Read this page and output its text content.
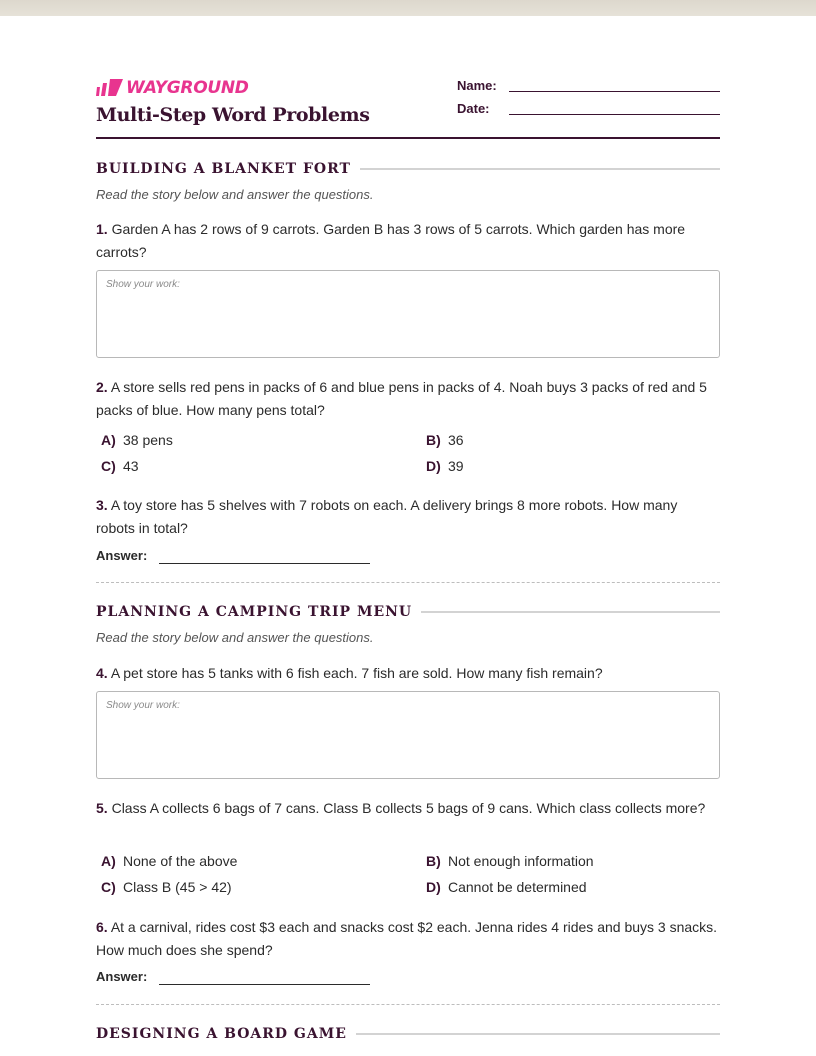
WAYGROUND
Multi-Step Word Problems
Name:
Date:
BUILDING A BLANKET FORT
Read the story below and answer the questions.
1. Garden A has 2 rows of 9 carrots. Garden B has 3 rows of 5 carrots. Which garden has more carrots?
Show your work:
2. A store sells red pens in packs of 6 and blue pens in packs of 4. Noah buys 3 packs of red and 5 packs of blue. How many pens total?
A) 38 pens	B) 36
C) 43	D) 39
3. A toy store has 5 shelves with 7 robots on each. A delivery brings 8 more robots. How many robots in total?
Answer:
PLANNING A CAMPING TRIP MENU
Read the story below and answer the questions.
4. A pet store has 5 tanks with 6 fish each. 7 fish are sold. How many fish remain?
Show your work:
5. Class A collects 6 bags of 7 cans. Class B collects 5 bags of 9 cans. Which class collects more?
A) None of the above	B) Not enough information
C) Class B (45 > 42)	D) Cannot be determined
6. At a carnival, rides cost $3 each and snacks cost $2 each. Jenna rides 4 rides and buys 3 snacks. How much does she spend?
Answer:
DESIGNING A BOARD GAME
